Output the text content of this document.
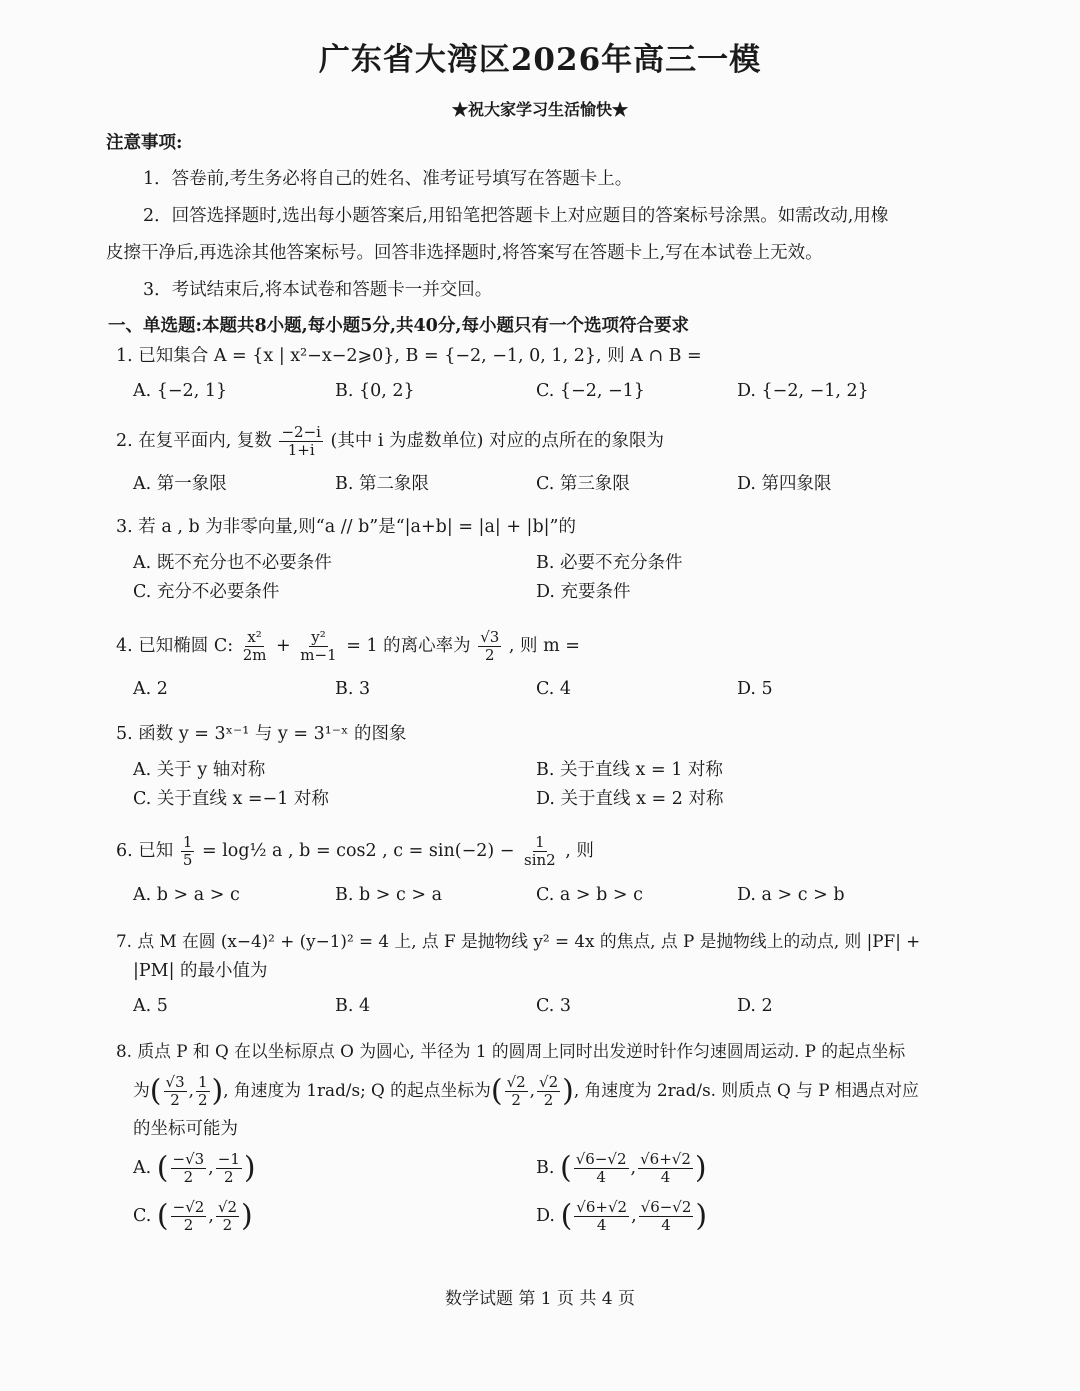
广东省大湾区2026年高三一模
★祝大家学习生活愉快★
注意事项:
1．答卷前,考生务必将自己的姓名、准考证号填写在答题卡上。
2．回答选择题时,选出每小题答案后,用铅笔把答题卡上对应题目的答案标号涂黑。如需改动,用橡
皮擦干净后,再选涂其他答案标号。回答非选择题时,将答案写在答题卡上,写在本试卷上无效。
3．考试结束后,将本试卷和答题卡一并交回。
一、单选题:本题共8小题,每小题5分,共40分,每小题只有一个选项符合要求
1. 已知集合 A = {x | x²−x−2⩾0}, B = {−2, −1, 0, 1, 2}, 则 A ∩ B =
A. {−2, 1}	B. {0, 2}	C. {−2, −1}	D. {−2, −1, 2}
2. 在复平面内, 复数 $\frac{-2-i}{1+i}$ (其中 i 为虚数单位) 对应的点所在的象限为
A. 第一象限	B. 第二象限	C. 第三象限	D. 第四象限
3. 若 a , b 为非零向量,则“a // b”是“|a+b| = |a| + |b|”的
A. 既不充分也不必要条件	B. 必要不充分条件
C. 充分不必要条件	D. 充要条件
4. 已知椭圆 C: $\frac{\text{x²}}{2m} + \frac{\text{y²}}{m-1} = 1$ 的离心率为 $\frac{√3}{2}$ , 则 m =
A. 2	B. 3	C. 4	D. 5
5. 函数 y = 3ˣ⁻¹ 与 y = 3¹⁻ˣ 的图象
A. 关于 y 轴对称	B. 关于直线 x = 1 对称
C. 关于直线 x =−1 对称	D. 关于直线 x = 2 对称
6. 已知 $\frac{1}{5}$ = log½ a , b = cos2 , $c = \sin(-2) - \frac{1}{\sin 2}$ , 则
A. b > a > c	B. b > c > a	C. a > b > c	D. a > c > b
7. 点 M 在圆 (x−4)² + (y−1)² = 4 上, 点 F 是抛物线 y² = 4x 的焦点, 点 P 是抛物线上的动点, 则 |PF| +
|PM| 的最小值为
A. 5	B. 4	C. 3	D. 2
8. 质点 P 和 Q 在以坐标原点 O 为圆心, 半径为 1 的圆周上同时出发逆时针作匀速圆周运动. P 的起点坐标
为( $\frac{√3}{2}$ , $\frac{1}{2}$ ), 角速度为 1rad/s; Q 的起点坐标为( $\frac{√2}{2}$ , $\frac{√2}{2}$ ), 角速度为 2rad/s. 则质点 Q 与 P 相遇点对应
的坐标可能为
A. ( $\frac{-√3}{2}$ , $\frac{-1}{2}$ )	B. ( $\frac{√6-√2}{4}$ , $\frac{√6+√2}{4}$ )
C. ( $\frac{-√2}{2}$ , $\frac{√2}{2}$ )	D. ( $\frac{√6+√2}{4}$ , $\frac{√6-√2}{4}$ )
数学试题 第 1 页 共 4 页
